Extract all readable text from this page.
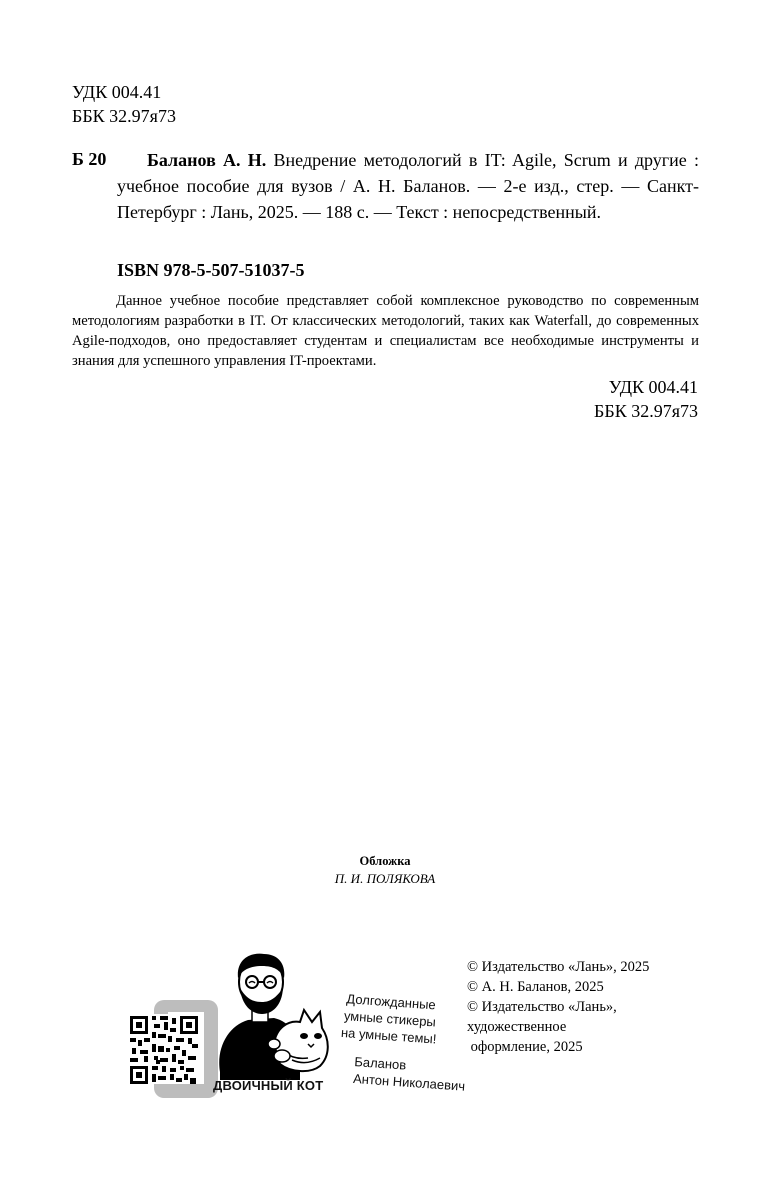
УДК 004.41
ББК 32.97я73
Б 20	Баланов А. Н. Внедрение методологий в IT: Agile, Scrum и другие : учебное пособие для вузов / А. Н. Баланов. — 2-е изд., стер. — Санкт-Петербург : Лань, 2025. — 188 с. — Текст : непосредственный.
ISBN 978-5-507-51037-5
Данное учебное пособие представляет собой комплексное руководство по современным методологиям разработки в IT. От классических методологий, таких как Waterfall, до современных Agile-подходов, оно предоставляет студентам и специалистам все необходимые инструменты и знания для успешного управления IT-проектами.
УДК 004.41
ББК 32.97я73
Обложка
П. И. ПОЛЯКОВА
© Издательство «Лань», 2025
© А. Н. Баланов, 2025
© Издательство «Лань»,
художественное
оформление, 2025
Долгожданные
умные стикеры
на умные темы!
Баланов
Антон Николаевич
ДВОИЧНЫЙ КОТ
